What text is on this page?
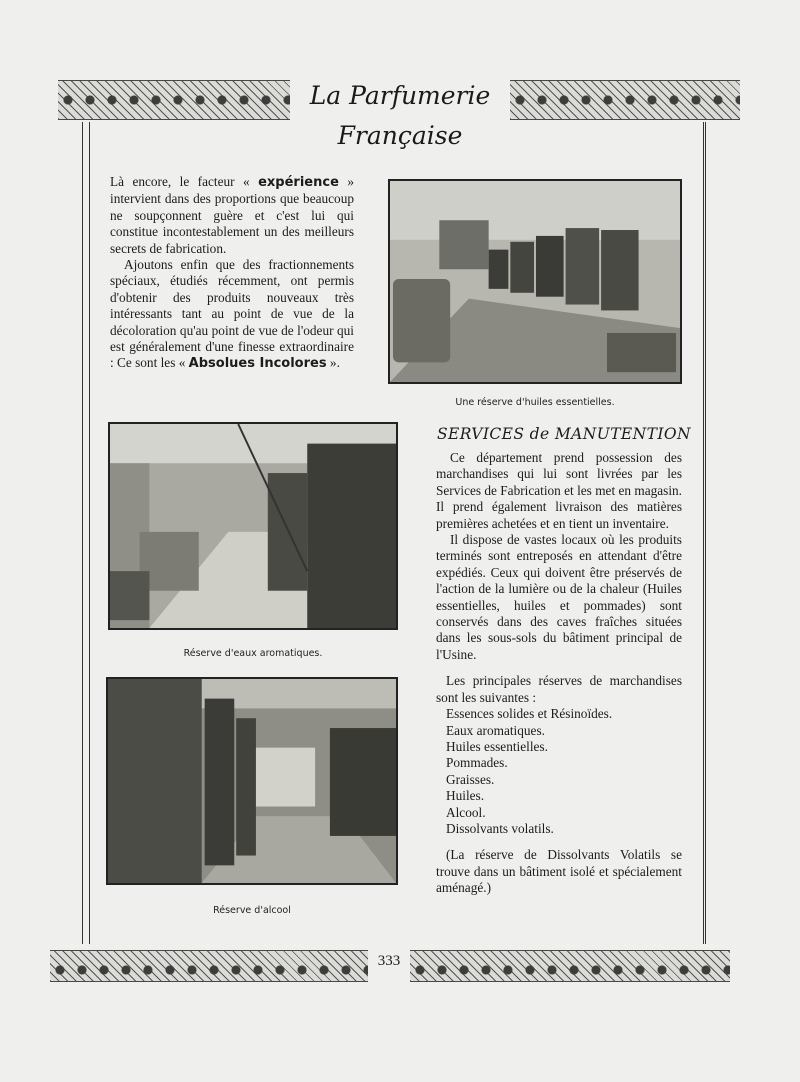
La Parfumerie Française

Là encore, le facteur « expérience » intervient dans des proportions que beaucoup ne soupçonnent guère et c'est lui qui constitue incontestablement un des meilleurs secrets de fabrication.

Ajoutons enfin que des fractionnements spéciaux, étudiés récemment, ont permis d'obtenir des produits nouveaux très intéressants tant au point de vue de la décoloration qu'au point de vue de l'odeur qui est généralement d'une finesse extraordinaire : Ce sont les « Absolues Incolores ».

Une réserve d'huiles essentielles.
Réserve d'eaux aromatiques.
Réserve d'alcool
SERVICES de MANUTENTION

Ce département prend possession des marchandises qui lui sont livrées par les Services de Fabrication et les met en magasin. Il prend également livraison des matières premières achetées et en tient un inventaire.

Il dispose de vastes locaux où les produits terminés sont entreposés en attendant d'être expédiés. Ceux qui doivent être préservés de l'action de la lumière ou de la chaleur (Huiles essentielles, huiles et pommades) sont conservés dans des caves fraîches situées dans les sous-sols du bâtiment principal de l'Usine.

Les principales réserves de marchandises sont les suivantes :

Essences solides et Résinoïdes.
Eaux aromatiques.
Huiles essentielles.
Pommades.
Graisses.
Huiles.
Alcool.
Dissolvants volatils.

(La réserve de Dissolvants Volatils se trouve dans un bâtiment isolé et spécialement aménagé.)

333
